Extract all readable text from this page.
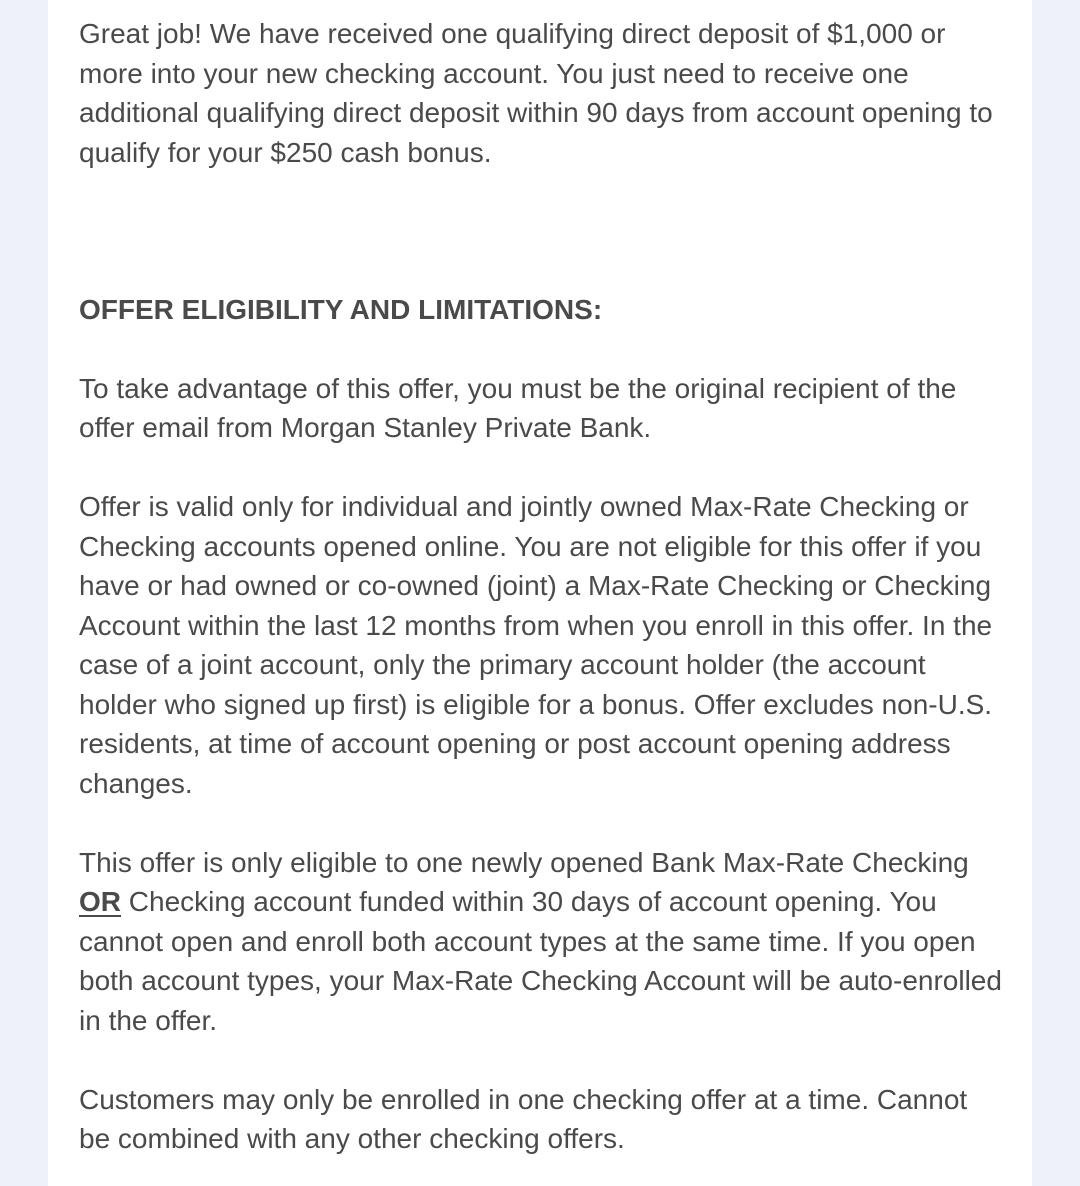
Great job! We have received one qualifying direct deposit of $1,000 or more into your new checking account. You just need to receive one additional qualifying direct deposit within 90 days from account opening to qualify for your $250 cash bonus.

OFFER ELIGIBILITY AND LIMITATIONS:

To take advantage of this offer, you must be the original recipient of the offer email from Morgan Stanley Private Bank.

Offer is valid only for individual and jointly owned Max-Rate Checking or Checking accounts opened online. You are not eligible for this offer if you have or had owned or co-owned (joint) a Max-Rate Checking or Checking Account within the last 12 months from when you enroll in this offer. In the case of a joint account, only the primary account holder (the account holder who signed up first) is eligible for a bonus. Offer excludes non-U.S. residents, at time of account opening or post account opening address changes.

This offer is only eligible to one newly opened Bank Max-Rate Checking OR Checking account funded within 30 days of account opening. You cannot open and enroll both account types at the same time. If you open both account types, your Max-Rate Checking Account will be auto-enrolled in the offer.

Customers may only be enrolled in one checking offer at a time. Cannot be combined with any other checking offers.
